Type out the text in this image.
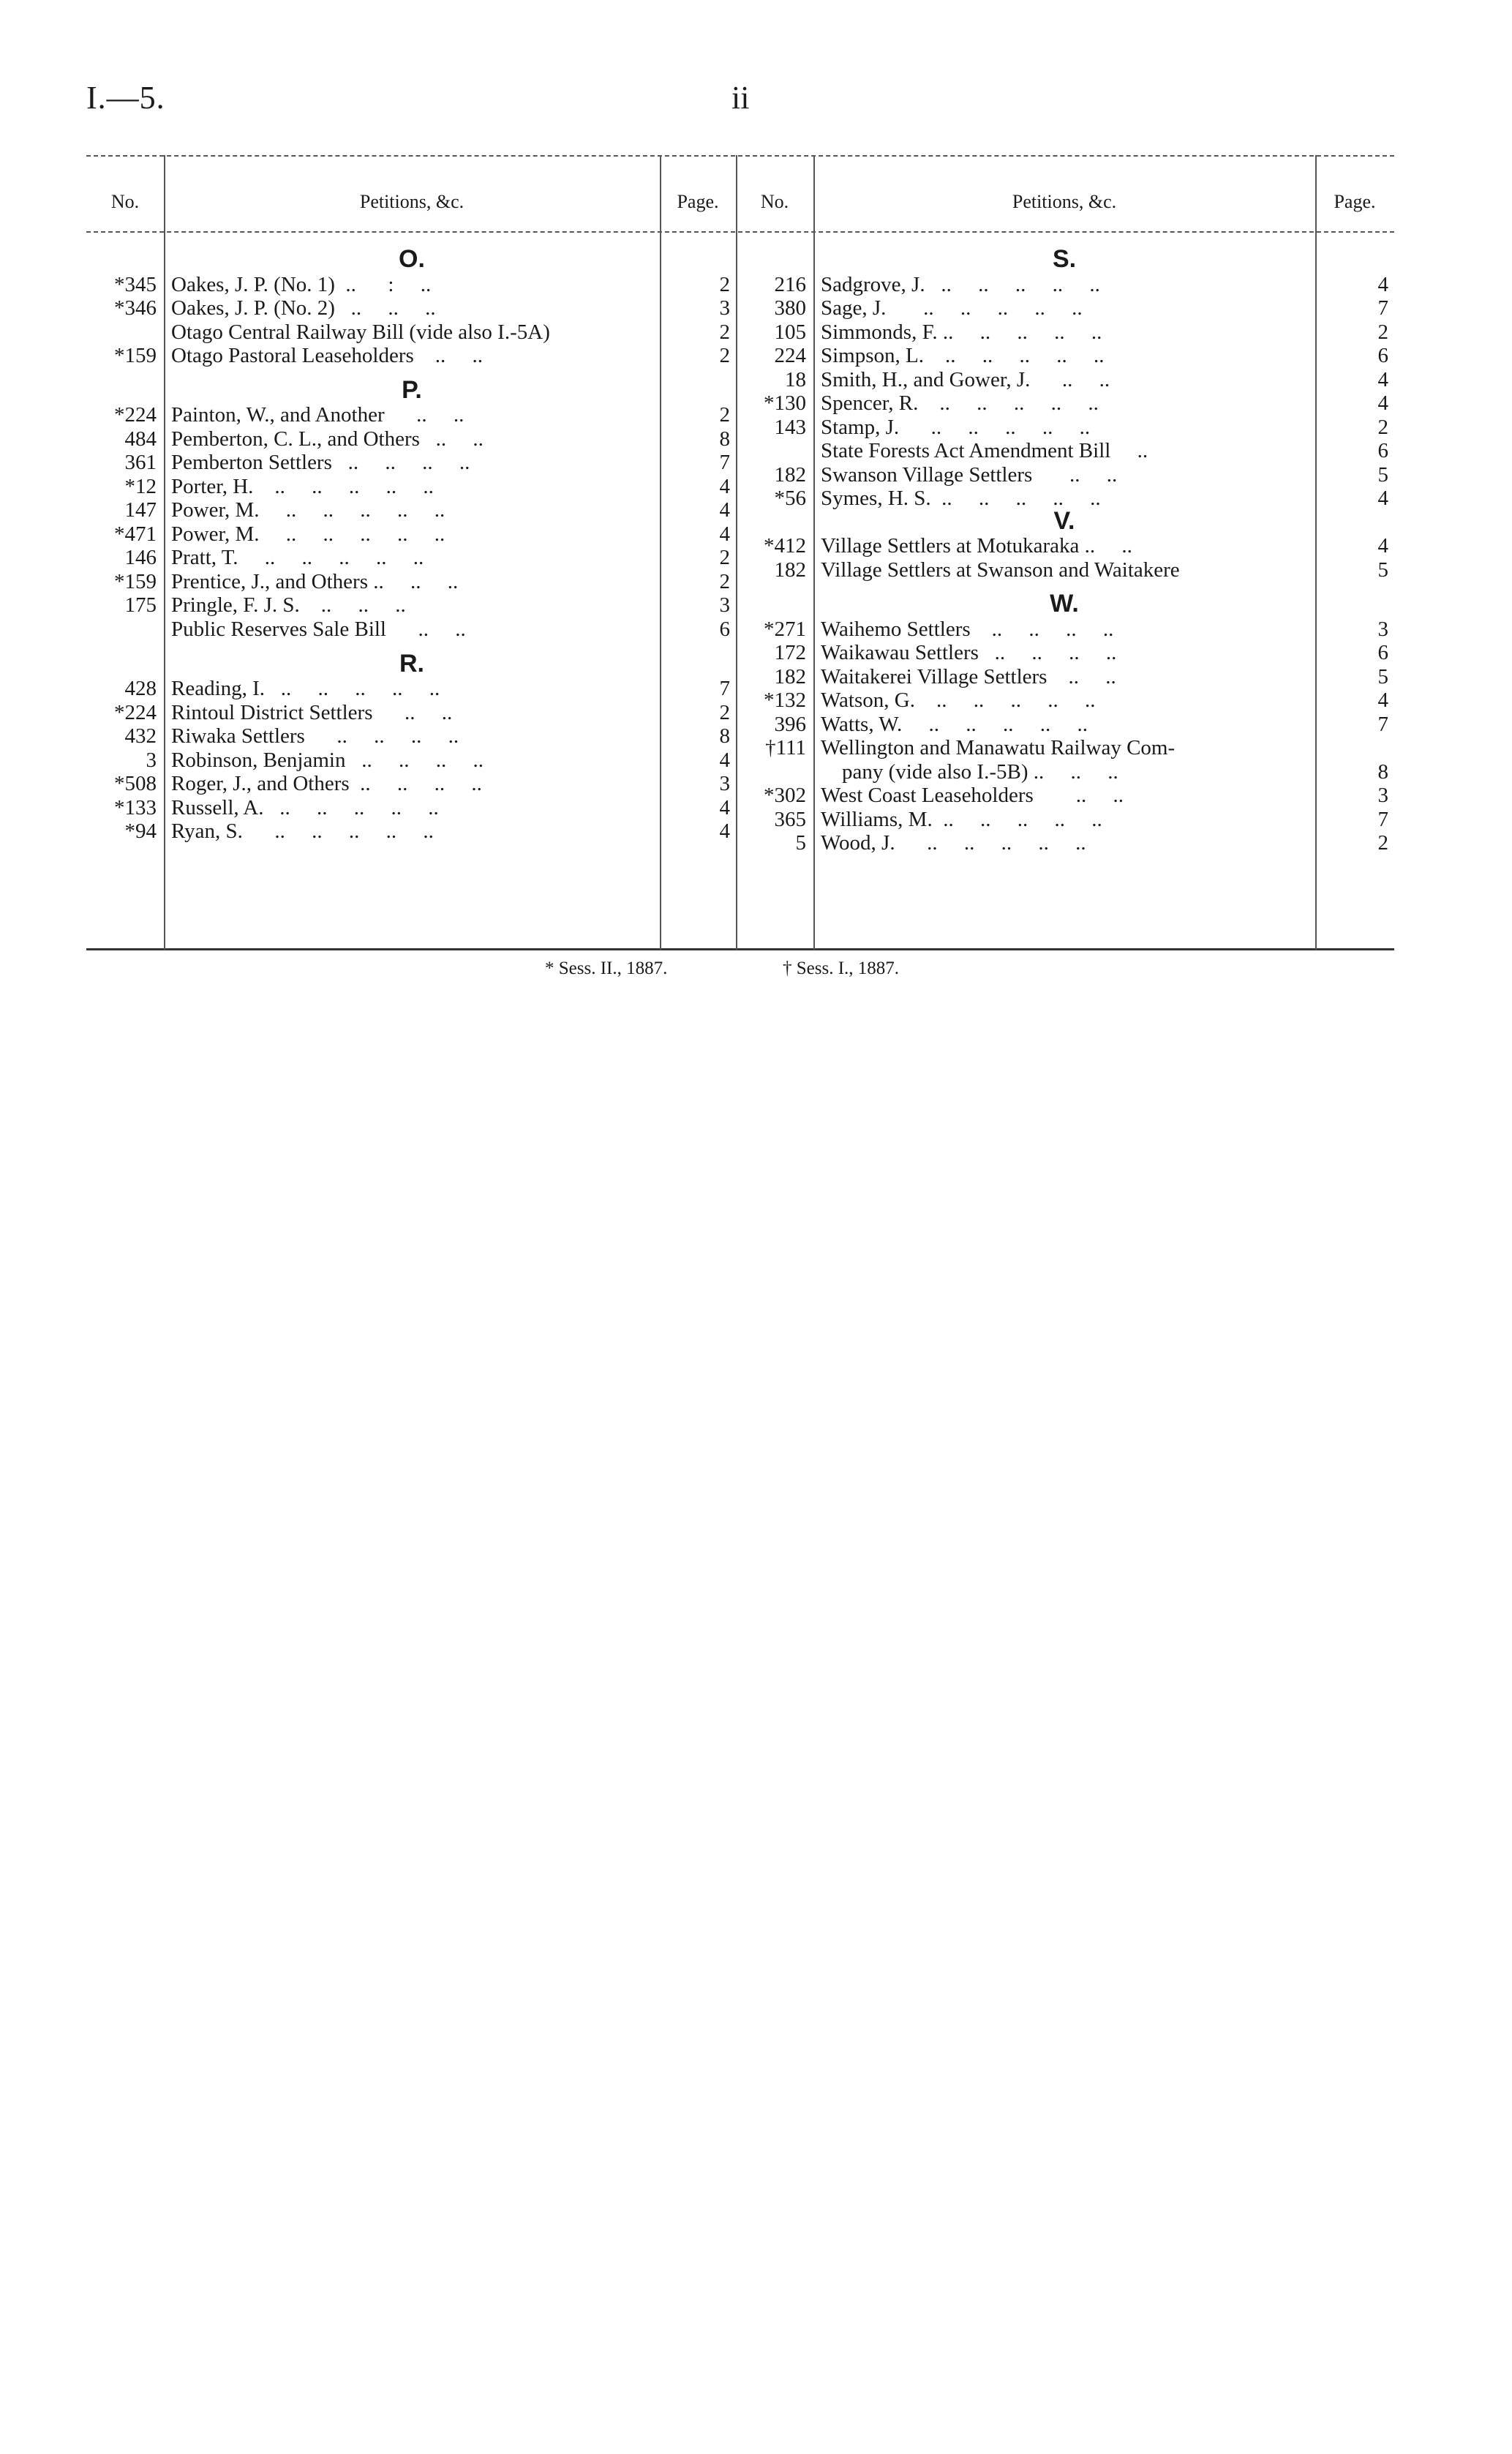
I.—5.	ii
No.	Petitions, &c.	Page.	No.	Petitions, &c.	Page.
O.
*345 Oakes, J. P. (No. 1)  ..      :     ..	2
*346 Oakes, J. P. (No. 2)   ..     ..     ..	3
Otago Central Railway Bill (vide also I.-5A)	2
*159 Otago Pastoral Leaseholders    ..     ..	2
P.
*224 Painton, W., and Another      ..     ..	2
484 Pemberton, C. L., and Others   ..     ..	8
361 Pemberton Settlers   ..     ..     ..     ..	7
*12 Porter, H.    ..     ..     ..     ..     ..	4
147 Power, M.     ..     ..     ..     ..     ..	4
*471 Power, M.     ..     ..     ..     ..     ..	4
146 Pratt, T.     ..     ..     ..     ..     ..	2
*159 Prentice, J., and Others ..     ..     ..	2
175 Pringle, F. J. S.    ..     ..     ..	3
Public Reserves Sale Bill      ..     ..	6
R.
428 Reading, I.   ..     ..     ..     ..     ..	7
*224 Rintoul District Settlers      ..     ..	2
432 Riwaka Settlers      ..     ..     ..     ..	8
3 Robinson, Benjamin   ..     ..     ..     ..	4
*508 Roger, J., and Others  ..     ..     ..     ..	3
*133 Russell, A.   ..     ..     ..     ..     ..	4
*94 Ryan, S.      ..     ..     ..     ..     ..	4
S.
216 Sadgrove, J.   ..     ..     ..     ..     ..	4
380 Sage, J.       ..     ..     ..     ..     ..	7
105 Simmonds, F. ..     ..     ..     ..     ..	2
224 Simpson, L.    ..     ..     ..     ..     ..	6
18 Smith, H., and Gower, J.      ..     ..	4
*130 Spencer, R.    ..     ..     ..     ..     ..	4
143 Stamp, J.      ..     ..     ..     ..     ..	2
State Forests Act Amendment Bill     ..	6
182 Swanson Village Settlers       ..     ..	5
*56 Symes, H. S.  ..     ..     ..     ..     ..	4
V.
*412 Village Settlers at Motukaraka ..     ..	4
182 Village Settlers at Swanson and Waitakere	5
W.
*271 Waihemo Settlers    ..     ..     ..     ..	3
172 Waikawau Settlers   ..     ..     ..     ..	6
182 Waitakerei Village Settlers    ..     ..	5
*132 Watson, G.    ..     ..     ..     ..     ..	4
396 Watts, W.     ..     ..     ..     ..     ..	7
†111 Wellington and Manawatu Railway Com-
pany (vide also I.-5B) ..     ..     ..	8
*302 West Coast Leaseholders        ..     ..	3
365 Williams, M.  ..     ..     ..     ..     ..	7
5 Wood, J.      ..     ..     ..     ..     ..	2
* Sess. II., 1887.	† Sess. I., 1887.
